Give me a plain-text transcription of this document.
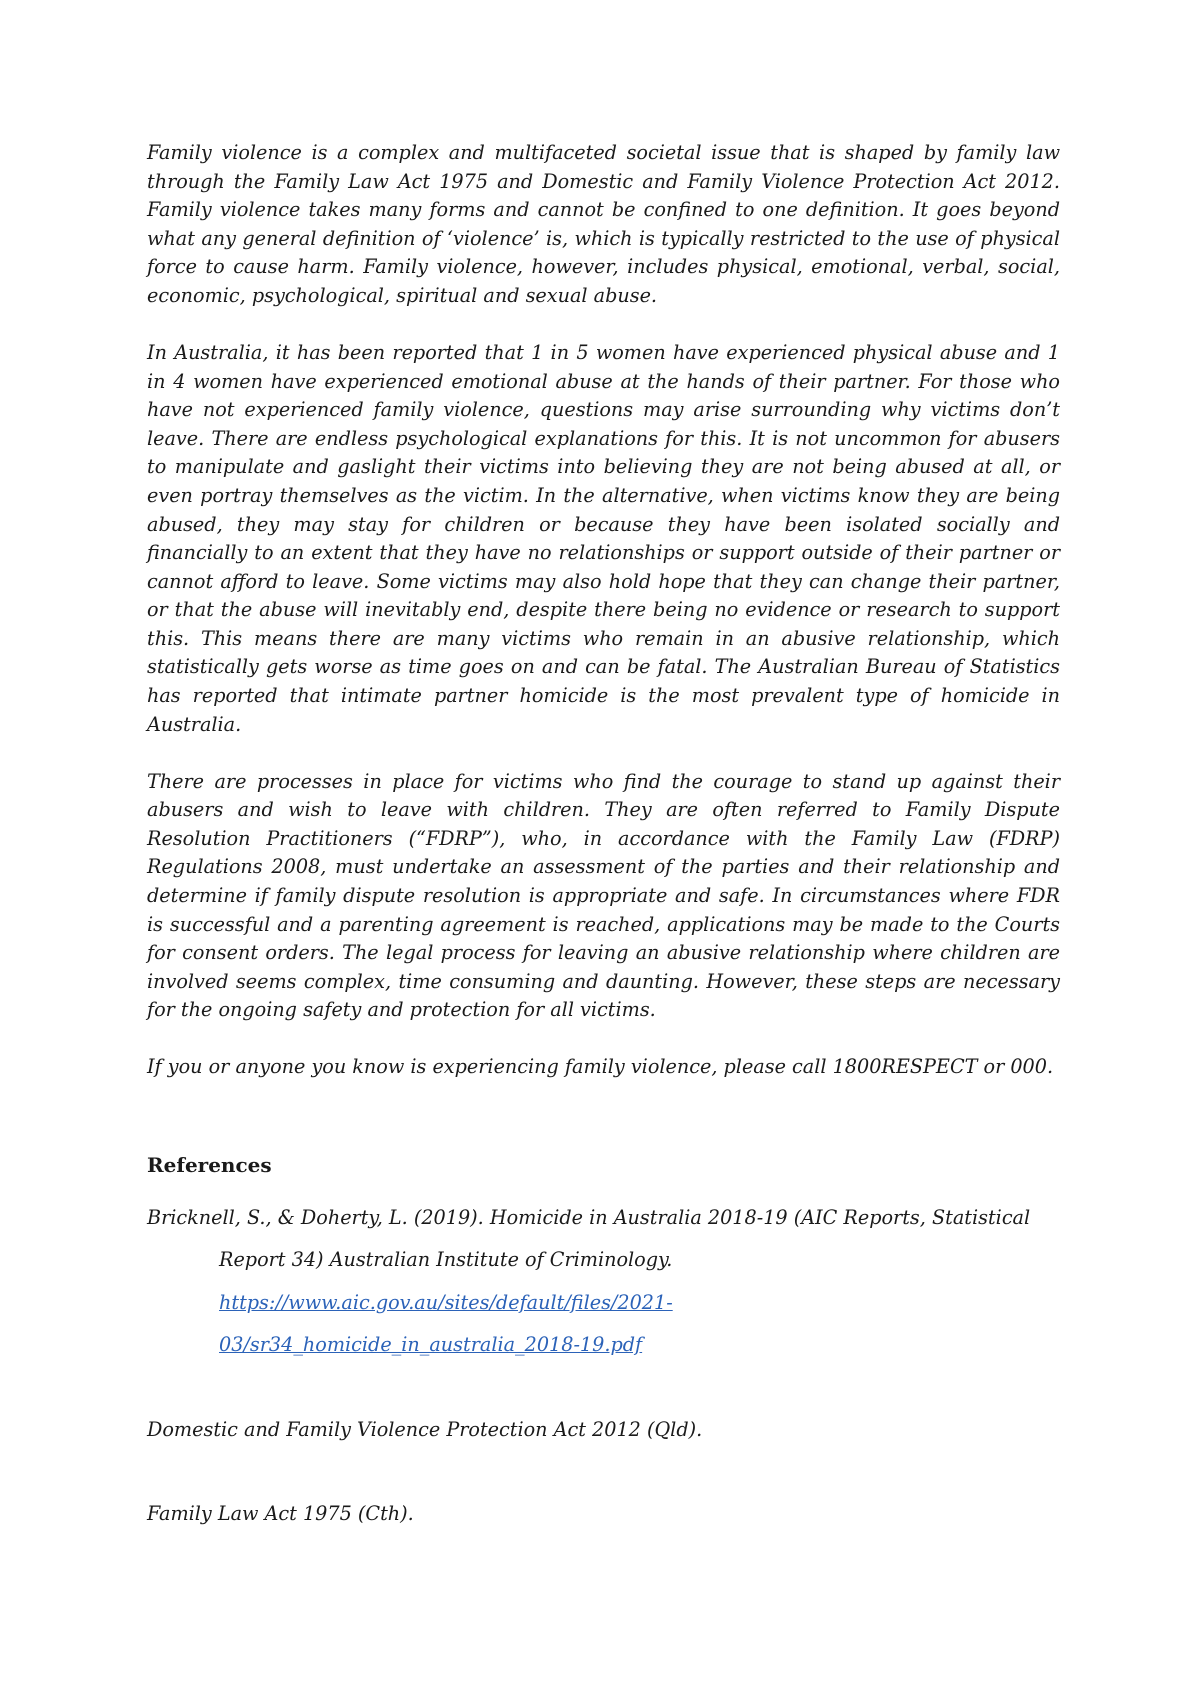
Family violence is a complex and multifaceted societal issue that is shaped by family law through the Family Law Act 1975 and Domestic and Family Violence Protection Act 2012. Family violence takes many forms and cannot be confined to one definition. It goes beyond what any general definition of ‘violence’ is, which is typically restricted to the use of physical force to cause harm. Family violence, however, includes physical, emotional, verbal, social, economic, psychological, spiritual and sexual abuse.

In Australia, it has been reported that 1 in 5 women have experienced physical abuse and 1 in 4 women have experienced emotional abuse at the hands of their partner. For those who have not experienced family violence, questions may arise surrounding why victims don’t leave. There are endless psychological explanations for this. It is not uncommon for abusers to manipulate and gaslight their victims into believing they are not being abused at all, or even portray themselves as the victim. In the alternative, when victims know they are being abused, they may stay for children or because they have been isolated socially and financially to an extent that they have no relationships or support outside of their partner or cannot afford to leave. Some victims may also hold hope that they can change their partner, or that the abuse will inevitably end, despite there being no evidence or research to support this. This means there are many victims who remain in an abusive relationship, which statistically gets worse as time goes on and can be fatal. The Australian Bureau of Statistics has reported that intimate partner homicide is the most prevalent type of homicide in Australia.

There are processes in place for victims who find the courage to stand up against their abusers and wish to leave with children. They are often referred to Family Dispute Resolution Practitioners (“FDRP”), who, in accordance with the Family Law (FDRP) Regulations 2008, must undertake an assessment of the parties and their relationship and determine if family dispute resolution is appropriate and safe. In circumstances where FDR is successful and a parenting agreement is reached, applications may be made to the Courts for consent orders. The legal process for leaving an abusive relationship where children are involved seems complex, time consuming and daunting. However, these steps are necessary for the ongoing safety and protection for all victims.

If you or anyone you know is experiencing family violence, please call 1800RESPECT or 000.

References
Bricknell, S., & Doherty, L. (2019). Homicide in Australia 2018-19 (AIC Reports, Statistical Report 34) Australian Institute of Criminology.
https://www.aic.gov.au/sites/default/files/2021-
03/sr34_homicide_in_australia_2018-19.pdf
Domestic and Family Violence Protection Act 2012 (Qld).
Family Law Act 1975 (Cth).
